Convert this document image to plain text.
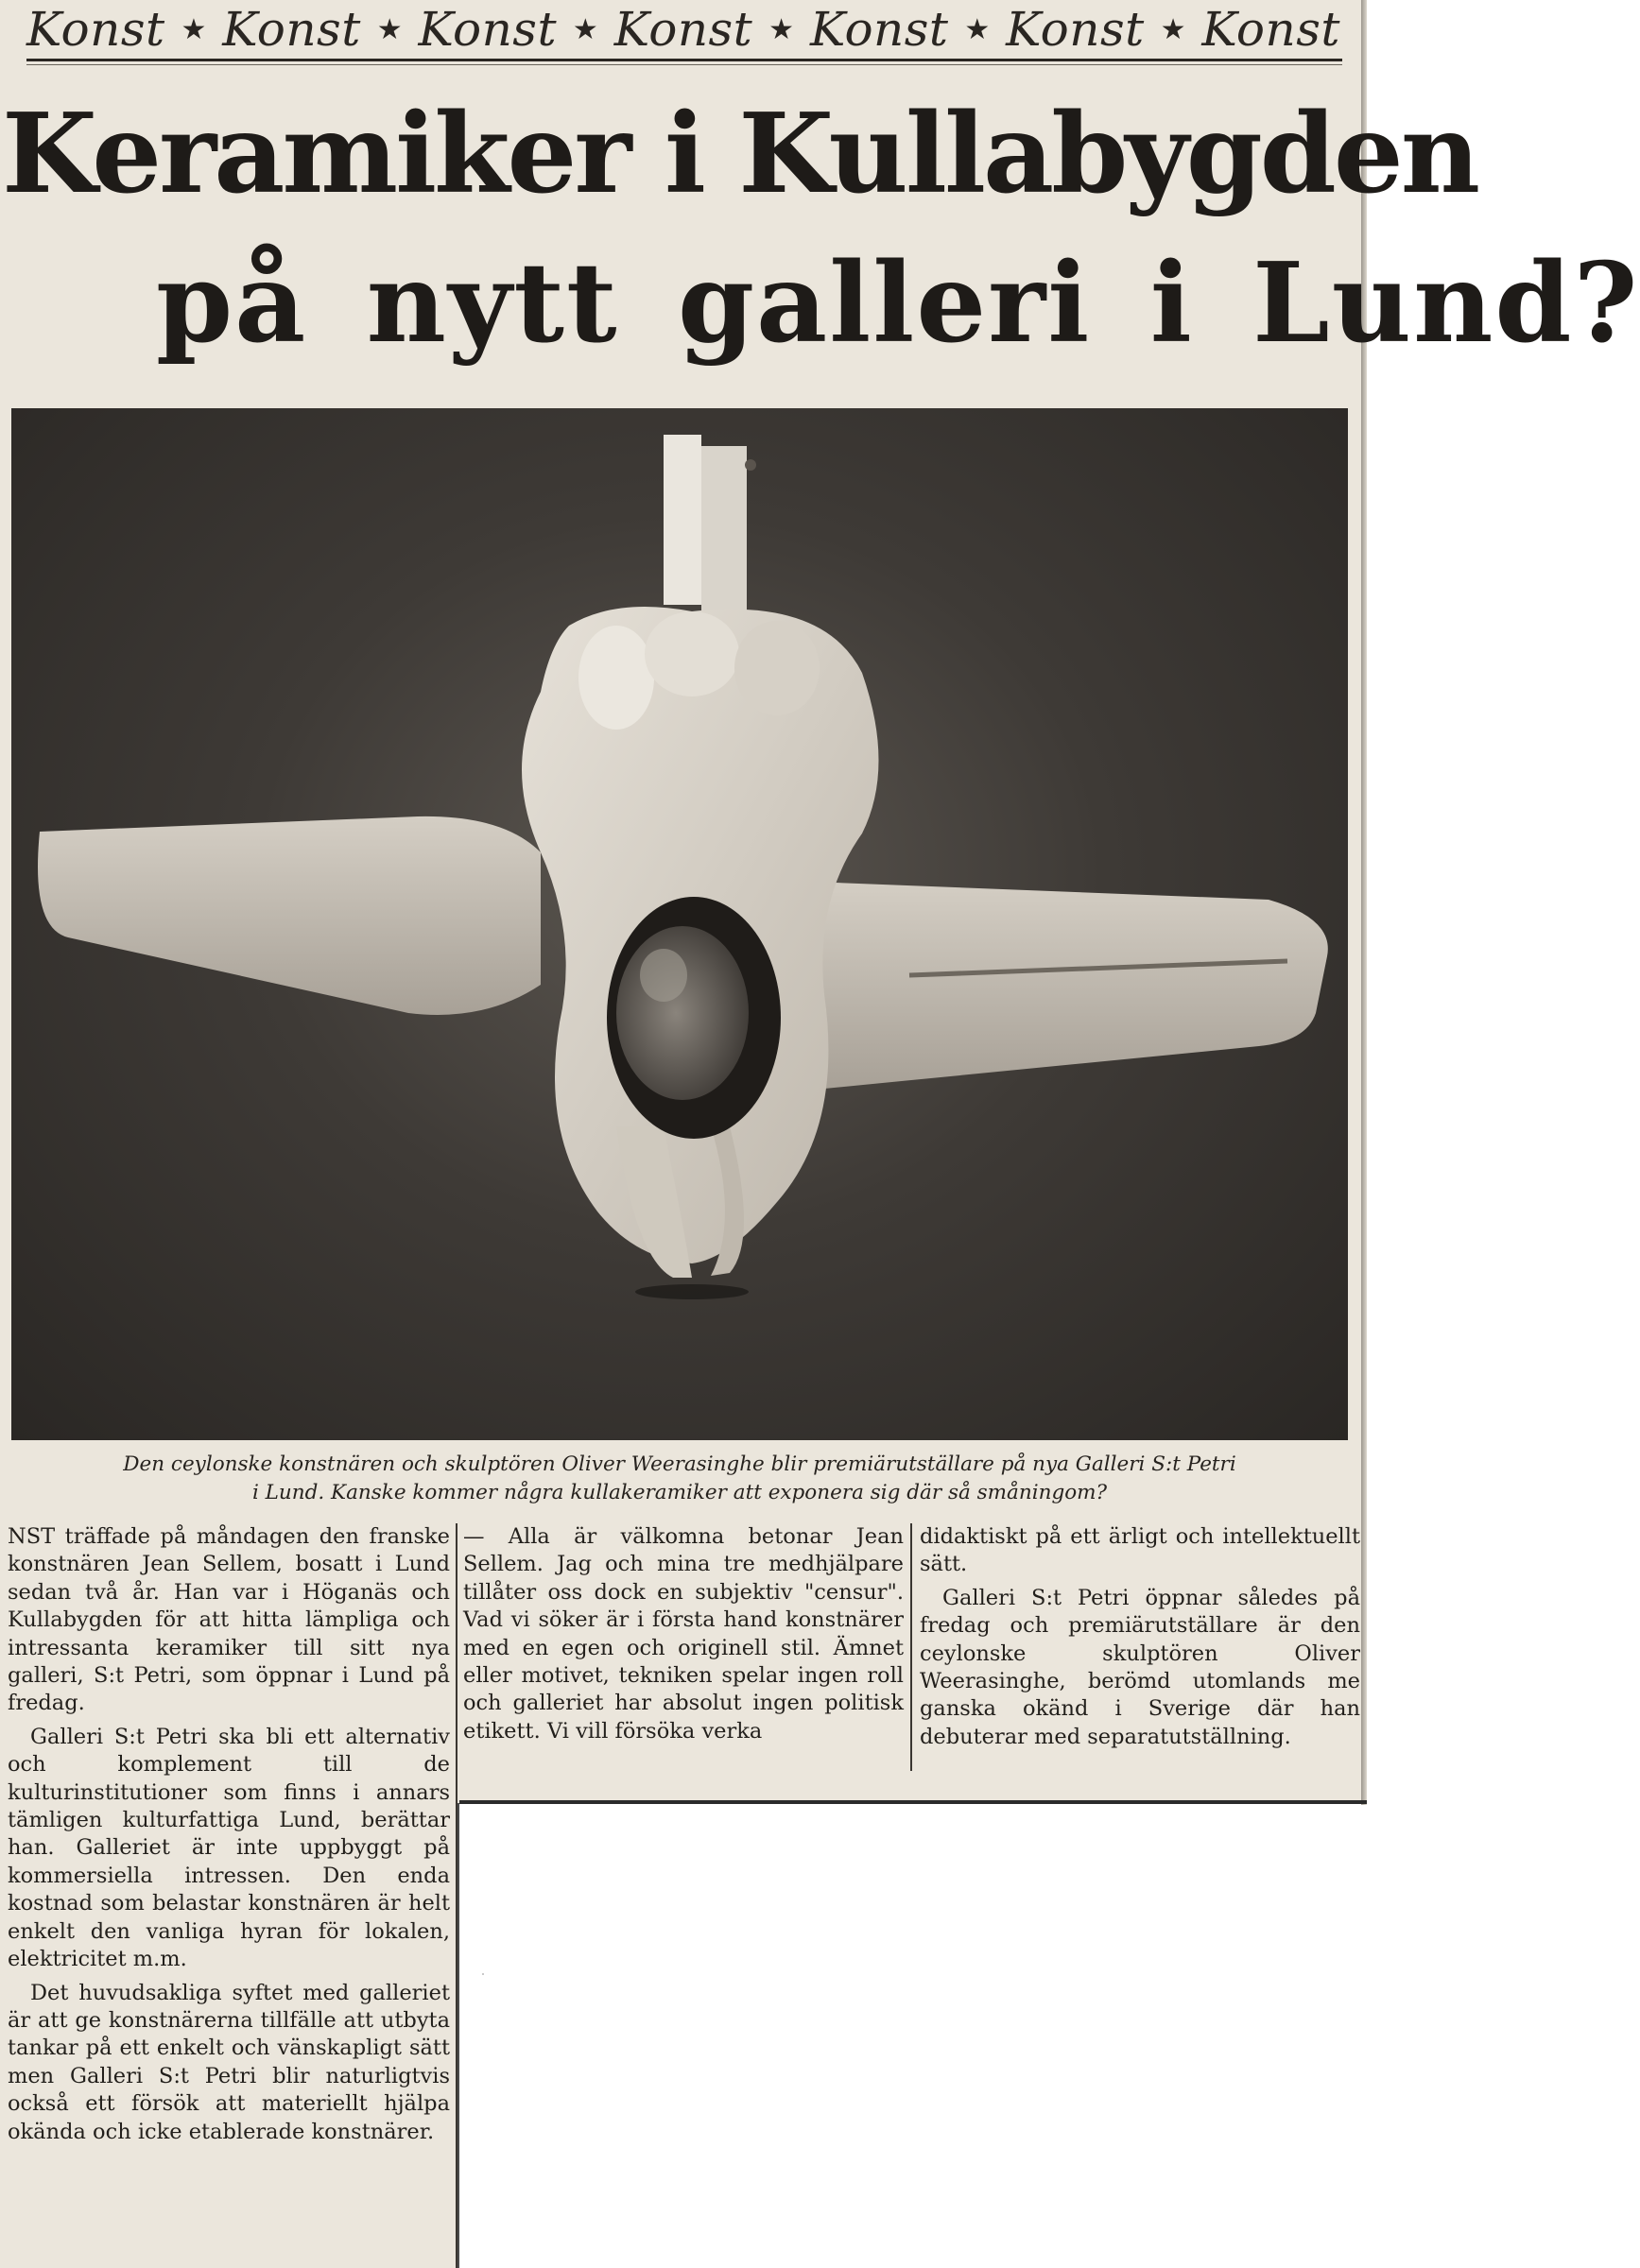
Konst ★ Konst ★ Konst ★ Konst ★ Konst ★ Konst ★ Konst
Keramiker i Kullabygden
på nytt galleri i Lund?
Den ceylonske konstnären och skulptören Oliver Weerasinghe blir premiärutställare på nya Galleri S:t Petri
i Lund. Kanske kommer några kullakeramiker att exponera sig där så småningom?

NST träffade på måndagen den franske konstnären Jean Sellem, bosatt i Lund sedan två år. Han var i Höganäs och Kullabygden för att hitta lämpliga och intressanta keramiker till sitt nya galleri, S:t Petri, som öppnar i Lund på fredag.

Galleri S:t Petri ska bli ett alternativ och komplement till de kulturinstitutioner som finns i annars tämligen kulturfattiga Lund, berättar han. Galleriet är inte uppbyggt på kommersiella intressen. Den enda kostnad som belastar konstnären är helt enkelt den vanliga hyran för lokalen, elektricitet m.m.

Det huvudsakliga syftet med galleriet är att ge konstnärerna tillfälle att utbyta tankar på ett enkelt och vänskapligt sätt men Galleri S:t Petri blir naturligtvis också ett försök att materiellt hjälpa okända och icke etablerade konstnärer.

— Alla är välkomna betonar Jean Sellem. Jag och mina tre medhjälpare tillåter oss dock en subjektiv "censur". Vad vi söker är i första hand konstnärer med en egen och originell stil. Ämnet eller motivet, tekniken spelar ingen roll och galleriet har absolut ingen politisk etikett. Vi vill försöka verka

didaktiskt på ett ärligt och intellektuellt sätt.

Galleri S:t Petri öppnar således på fredag och premiärutställare är den ceylonske skulptören Oliver Weerasinghe, berömd utomlands me ganska okänd i Sverige där han debuterar med separatutställning.
